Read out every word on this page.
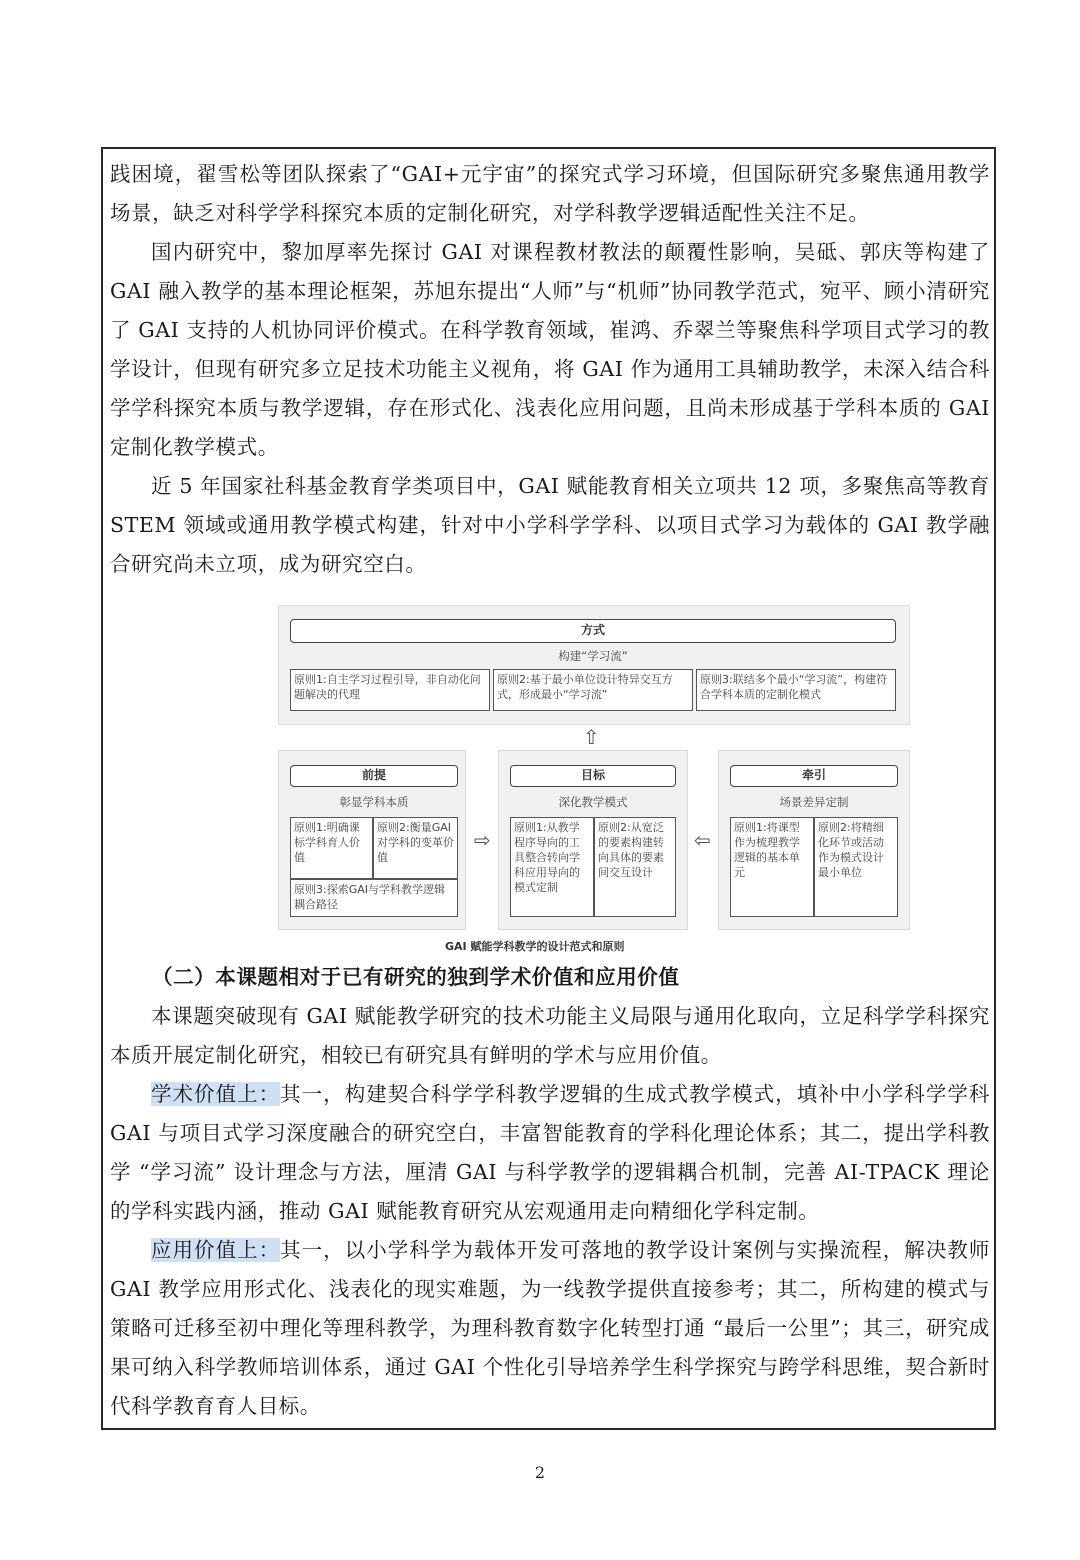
践困境，翟雪松等团队探索了“GAI+元宇宙”的探究式学习环境，但国际研究多聚焦通用教学场景，缺乏对科学学科探究本质的定制化研究，对学科教学逻辑适配性关注不足。

国内研究中，黎加厚率先探讨 GAI 对课程教材教法的颠覆性影响，吴砥、郭庆等构建了 GAI 融入教学的基本理论框架，苏旭东提出“人师”与“机师”协同教学范式，宛平、顾小清研究了 GAI 支持的人机协同评价模式。在科学教育领域，崔鸿、乔翠兰等聚焦科学项目式学习的教学设计，但现有研究多立足技术功能主义视角，将 GAI 作为通用工具辅助教学，未深入结合科学学科探究本质与教学逻辑，存在形式化、浅表化应用问题，且尚未形成基于学科本质的 GAI 定制化教学模式。

近 5 年国家社科基金教育学类项目中，GAI 赋能教育相关立项共 12 项，多聚焦高等教育 STEM 领域或通用教学模式构建，针对中小学科学学科、以项目式学习为载体的 GAI 教学融合研究尚未立项，成为研究空白。

方式
构建“学习流”
原则1:自主学习过程引导，非自动化问题解决的代理
原则2:基于最小单位设计特异交互方式，形成最小“学习流”
原则3:联结多个最小“学习流”，构建符合学科本质的定制化模式
⇧
前提
彰显学科本质
原则1:明确课标学科育人价值
原则2:衡量GAI对学科的变革价值
原则3:探索GAI与学科教学逻辑耦合路径
⇨
目标
深化教学模式
原则1:从教学程序导向的工具整合转向学科应用导向的模式定制
原则2:从宽泛的要素构建转向具体的要素间交互设计
⇦
牵引
场景差异定制
原则1:将课型作为梳理教学逻辑的基本单元
原则2:将精细化环节或活动作为模式设计最小单位
GAI 赋能学科教学的设计范式和原则

（二）本课题相对于已有研究的独到学术价值和应用价值

本课题突破现有 GAI 赋能教学研究的技术功能主义局限与通用化取向，立足科学学科探究本质开展定制化研究，相较已有研究具有鲜明的学术与应用价值。

学术价值上：其一，构建契合科学学科教学逻辑的生成式教学模式，填补中小学科学学科 GAI 与项目式学习深度融合的研究空白，丰富智能教育的学科化理论体系；其二，提出学科教学 “学习流” 设计理念与方法，厘清 GAI 与科学教学的逻辑耦合机制，完善 AI-TPACK 理论的学科实践内涵，推动 GAI 赋能教育研究从宏观通用走向精细化学科定制。

应用价值上：其一，以小学科学为载体开发可落地的教学设计案例与实操流程，解决教师 GAI 教学应用形式化、浅表化的现实难题，为一线教学提供直接参考；其二，所构建的模式与策略可迁移至初中理化等理科教学，为理科教育数字化转型打通 “最后一公里”；其三，研究成果可纳入科学教师培训体系，通过 GAI 个性化引导培养学生科学探究与跨学科思维，契合新时代科学教育育人目标。

2
